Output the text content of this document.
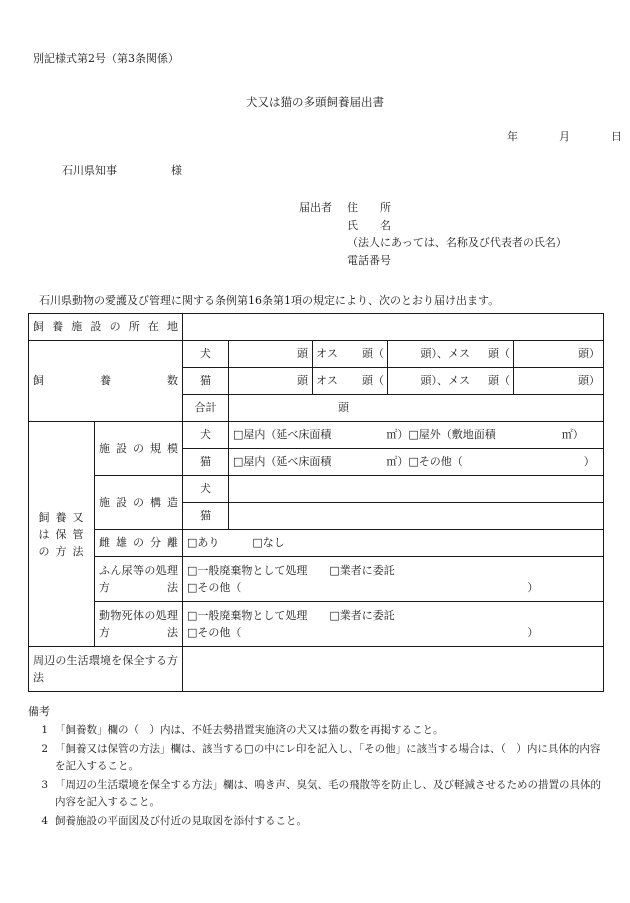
別記様式第2号（第3条関係）
犬又は猫の多頭飼養届出書
年	月	日
石川県知事	様
届出者 住　　所
氏　　名
（法人にあっては、名称及び代表者の氏名）
電話番号
石川県動物の愛護及び管理に関する条例第16条第1項の規定により、次のとおり届け出ます。
飼養施設の所在地						

飼　　　養　　　数		犬	頭	オス 頭（	頭）、メス 頭（	頭）
		猫	頭	オス 頭（	頭）、メス 頭（	頭）
		合計	頭			

飼養又は保管の方法	施設の規模	犬	□屋内（延べ床面積　　　　　㎡）□屋外（敷地面積　　　　　　㎡）			
		猫	□屋内（延べ床面積　　　　　㎡）□その他（　　　　　　　　　　　）			

	施設の構造	犬				
		猫				

	雌雄の分離	□あり　　　□なし				

	ふん尿等の処理方法	□一般廃棄物として処理　　□業者に委託
□その他（　　　　　　　　　　　　　　　　　　　　　　　　　　）				

	動物死体の処理方法	□一般廃棄物として処理　　□業者に委託
□その他（　　　　　　　　　　　　　　　　　　　　　　　　　　）				

周辺の生活環境を保全する方法						

備考
1 「飼養数」欄の（　）内は、不妊去勢措置実施済の犬又は猫の数を再掲すること。
2 「飼養又は保管の方法」欄は、該当する□の中にレ印を記入し、「その他」に該当する場合は、（　）内に具体的内容を記入すること。
3 「周辺の生活環境を保全する方法」欄は、鳴き声、臭気、毛の飛散等を防止し、及び軽減させるための措置の具体的内容を記入すること。
4 飼養施設の平面図及び付近の見取図を添付すること。
